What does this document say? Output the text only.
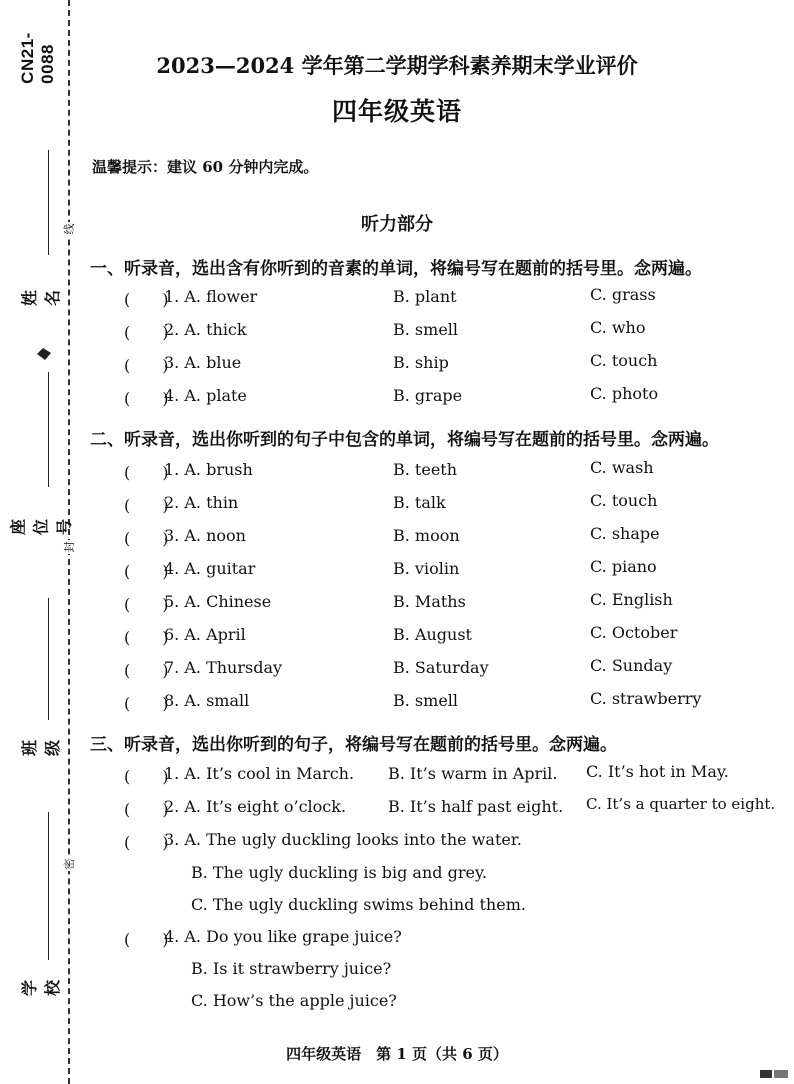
CN21-0088
姓名
座位号
班级
学校
线
封
密
2023—2024 学年第二学期学科素养期末学业评价
四年级英语
温馨提示：建议 60 分钟内完成。
听力部分
一、听录音，选出含有你听到的音素的单词，将编号写在题前的括号里。念两遍。
(　　)
1. A. flower	B. plant	C. grass
(　　)
2. A. thick	B. smell	C. who
(　　)
3. A. blue	B. ship	C. touch
(　　)
4. A. plate	B. grape	C. photo
二、听录音，选出你听到的句子中包含的单词，将编号写在题前的括号里。念两遍。
(　　)
1. A. brush	B. teeth	C. wash
(　　)
2. A. thin	B. talk	C. touch
(　　)
3. A. noon	B. moon	C. shape
(　　)
4. A. guitar	B. violin	C. piano
(　　)
5. A. Chinese	B. Maths	C. English
(　　)
6. A. April	B. August	C. October
(　　)
7. A. Thursday	B. Saturday	C. Sunday
(　　)
8. A. small	B. smell	C. strawberry
三、听录音，选出你听到的句子，将编号写在题前的括号里。念两遍。
(　　)
1. A. It’s cool in March. B. It’s warm in April. C. It’s hot in May.
(　　)
2. A. It’s eight o’clock.	B. It’s half past eight. C. It’s a quarter to eight.
(　　)
3. A. The ugly duckling looks into the water.
B. The ugly duckling is big and grey.
C. The ugly duckling swims behind them.
(　　)
4. A. Do you like grape juice?
B. Is it strawberry juice?
C. How’s the apple juice?
四年级英语　第 1 页（共 6 页）
